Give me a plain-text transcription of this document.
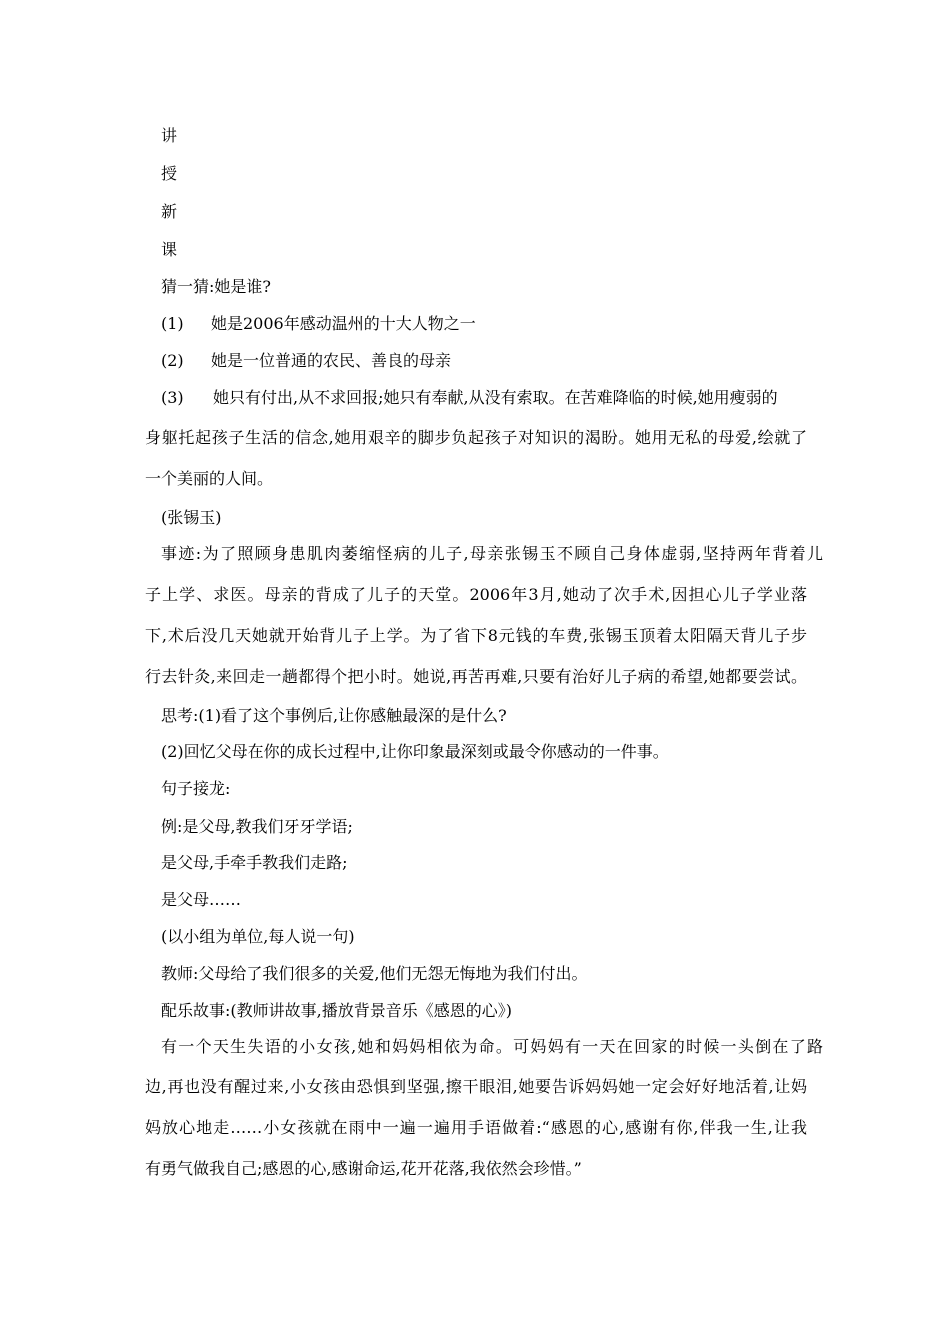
讲
授
新
课
猜一猜:她是谁?
(1) 她是2006年感动温州的十大人物之一
(2) 她是一位普通的农民、善良的母亲
(3) 她只有付出,从不求回报;她只有奉献,从没有索取。在苦难降临的时候,她用瘦弱的
身躯托起孩子生活的信念,她用艰辛的脚步负起孩子对知识的渴盼。她用无私的母爱,绘就了
一个美丽的人间。
(张锡玉)
事迹:为了照顾身患肌肉萎缩怪病的儿子,母亲张锡玉不顾自己身体虚弱,坚持两年背着儿
子上学、求医。母亲的背成了儿子的天堂。2006年3月,她动了次手术,因担心儿子学业落
下,术后没几天她就开始背儿子上学。为了省下8元钱的车费,张锡玉顶着太阳隔天背儿子步
行去针灸,来回走一趟都得个把小时。她说,再苦再难,只要有治好儿子病的希望,她都要尝试。
思考:(1)看了这个事例后,让你感触最深的是什么?
(2)回忆父母在你的成长过程中,让你印象最深刻或最令你感动的一件事。
句子接龙:
例:是父母,教我们牙牙学语;
是父母,手牵手教我们走路;
是父母……
(以小组为单位,每人说一句)
教师:父母给了我们很多的关爱,他们无怨无悔地为我们付出。
配乐故事:(教师讲故事,播放背景音乐《感恩的心》)
有一个天生失语的小女孩,她和妈妈相依为命。可妈妈有一天在回家的时候一头倒在了路
边,再也没有醒过来,小女孩由恐惧到坚强,擦干眼泪,她要告诉妈妈她一定会好好地活着,让妈
妈放心地走……小女孩就在雨中一遍一遍用手语做着:“感恩的心,感谢有你,伴我一生,让我
有勇气做我自己;感恩的心,感谢命运,花开花落,我依然会珍惜。”
